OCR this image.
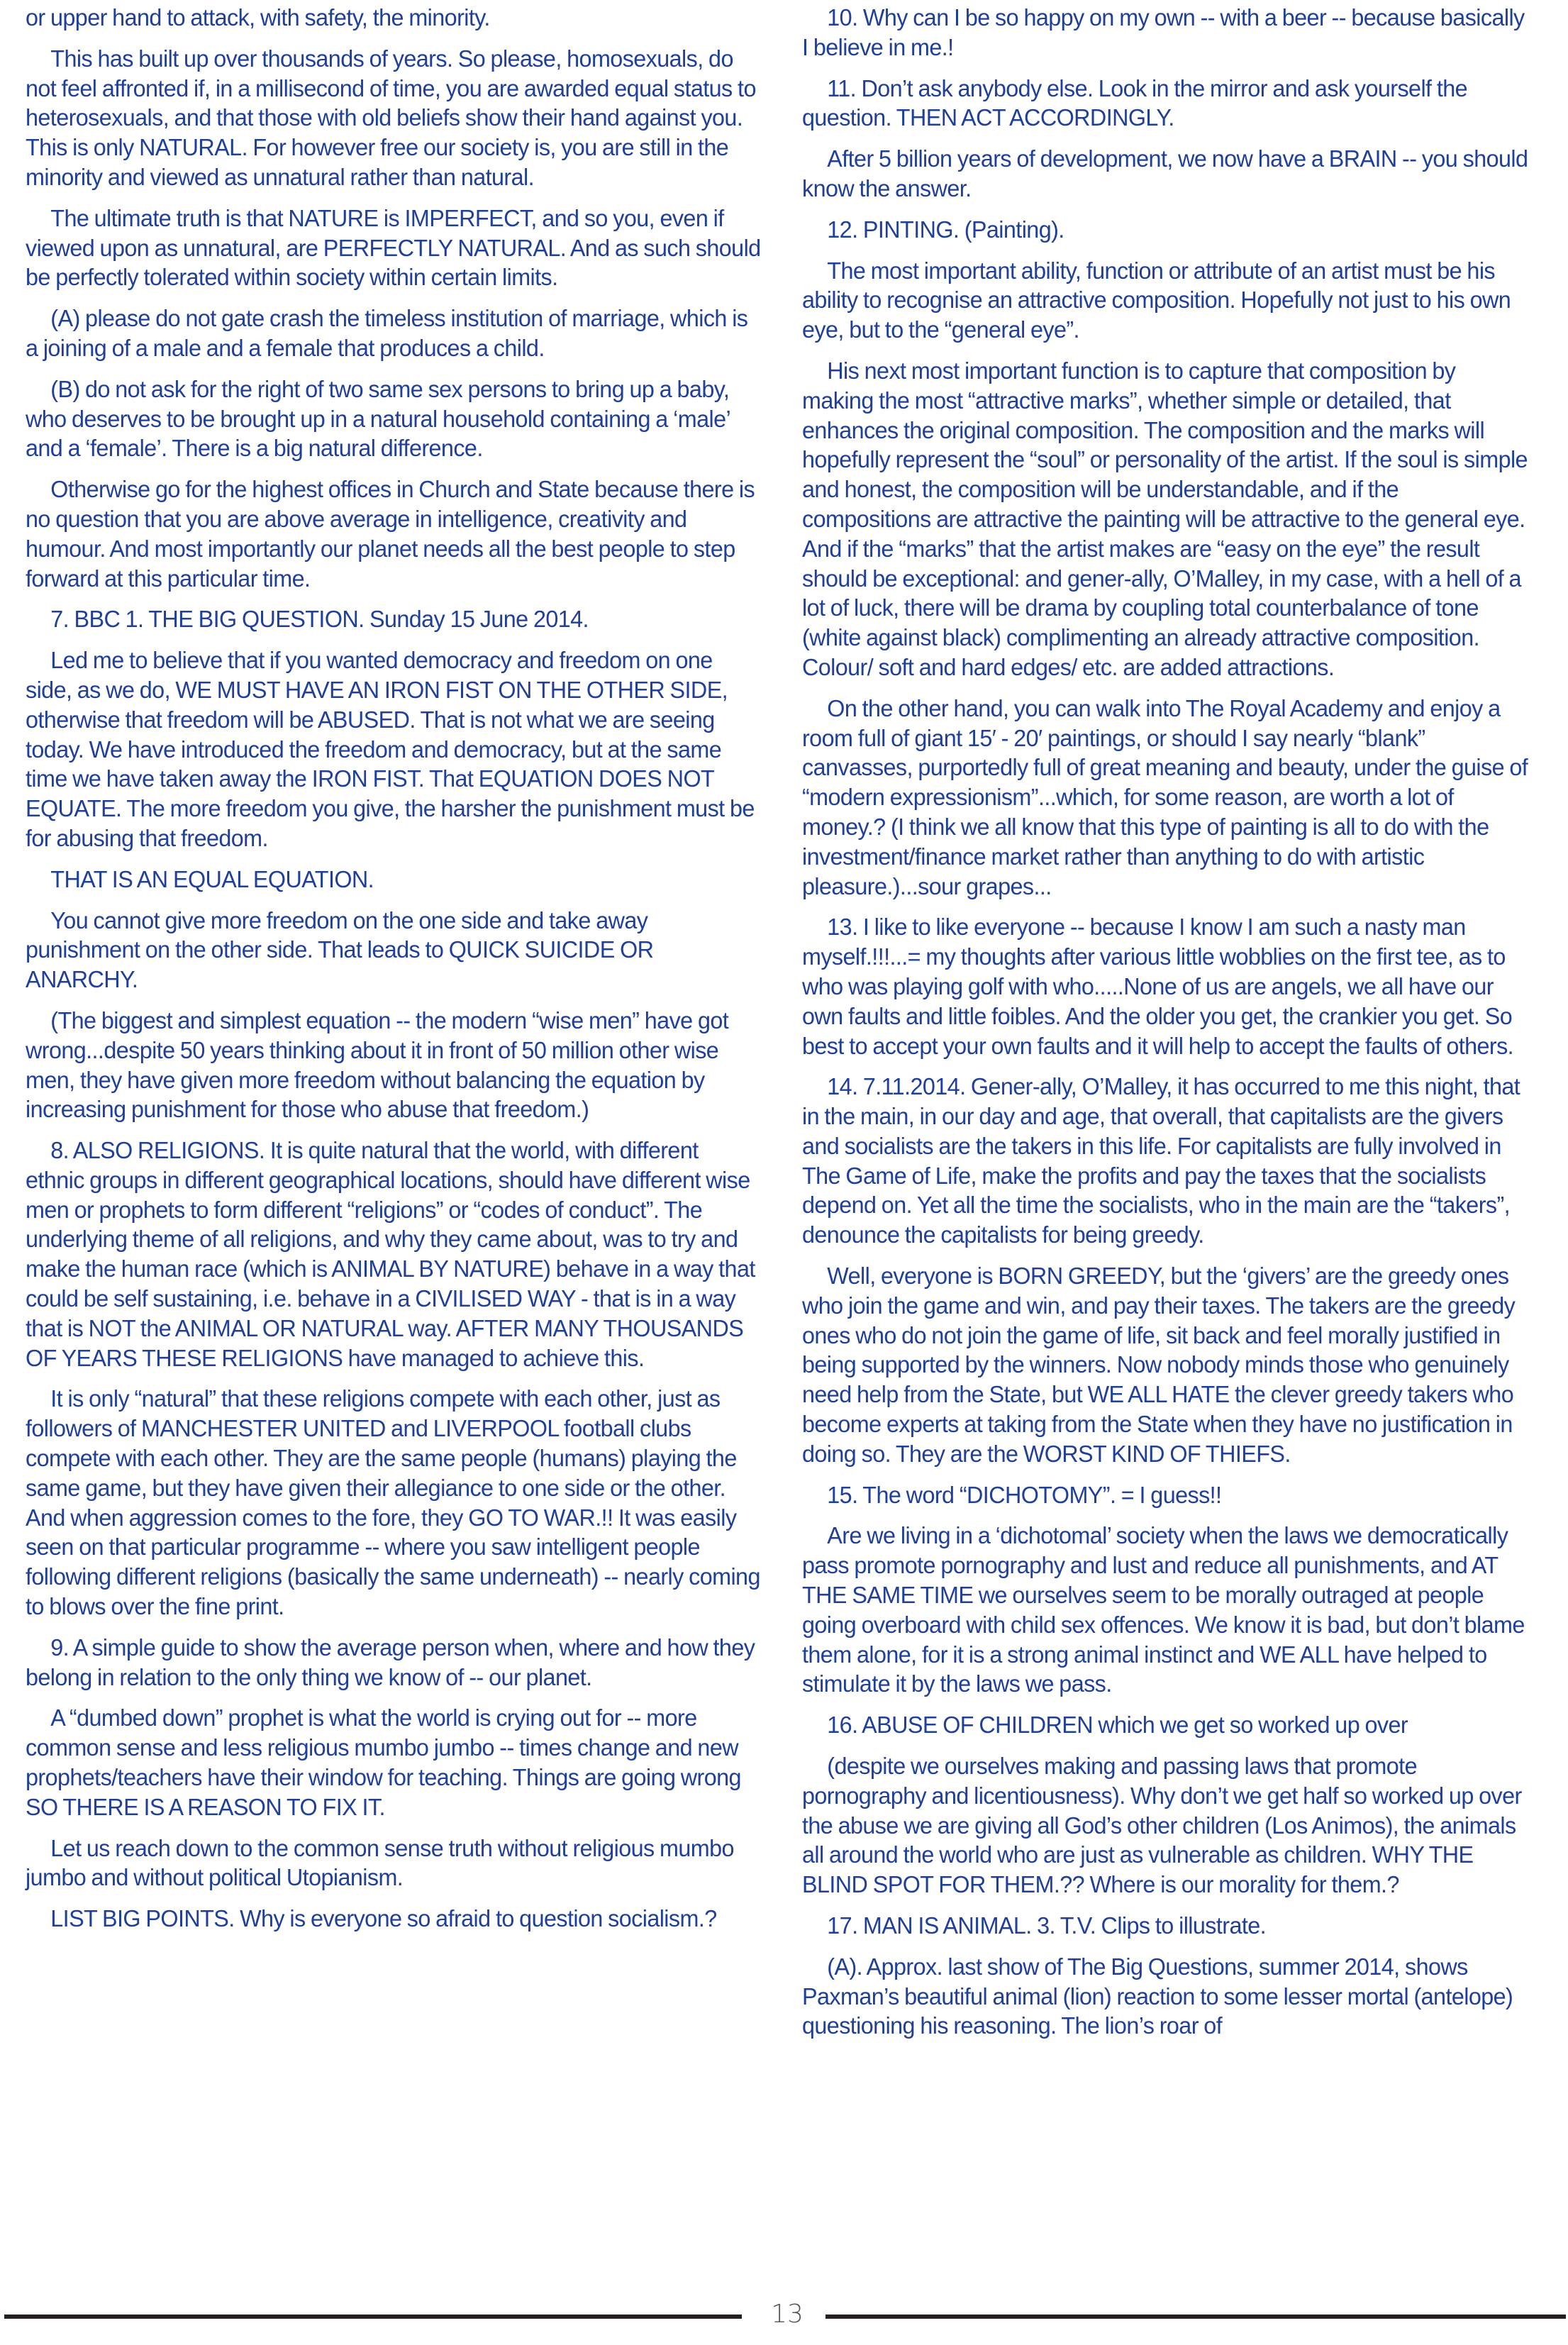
or upper hand to attack, with safety, the minority.

This has built up over thousands of years. So please, homosexuals, do not feel affronted if, in a millisecond of time, you are awarded equal status to heterosexuals, and that those with old beliefs show their hand against you. This is only NATURAL. For however free our society is, you are still in the minority and viewed as unnatural rather than natural.

The ultimate truth is that NATURE is IMPERFECT, and so you, even if viewed upon as unnatural, are PERFECTLY NATURAL. And as such should be perfectly tolerated within society within certain limits.

(A) please do not gate crash the timeless institution of marriage, which is a joining of a male and a female that produces a child.

(B) do not ask for the right of two same sex persons to bring up a baby, who deserves to be brought up in a natural household containing a ‘male’ and a ‘female’. There is a big natural difference.

Otherwise go for the highest offices in Church and State because there is no question that you are above average in intelligence, creativity and humour. And most importantly our planet needs all the best people to step forward at this particular time.

7. BBC 1. THE BIG QUESTION. Sunday 15 June 2014.

Led me to believe that if you wanted democracy and freedom on one side, as we do, WE MUST HAVE AN IRON FIST ON THE OTHER SIDE, otherwise that freedom will be ABUSED. That is not what we are seeing today. We have introduced the freedom and democracy, but at the same time we have taken away the IRON FIST. That EQUATION DOES NOT EQUATE. The more freedom you give, the harsher the punishment must be for abusing that freedom.

THAT IS AN EQUAL EQUATION.

You cannot give more freedom on the one side and take away punishment on the other side. That leads to QUICK SUICIDE OR ANARCHY.

(The biggest and simplest equation -- the modern “wise men” have got wrong...despite 50 years thinking about it in front of 50 million other wise men, they have given more freedom without balancing the equation by increasing punishment for those who abuse that freedom.)

8. ALSO RELIGIONS. It is quite natural that the world, with different ethnic groups in different geographical locations, should have different wise men or prophets to form different “religions” or “codes of conduct”. The underlying theme of all religions, and why they came about, was to try and make the human race (which is ANIMAL BY NATURE) behave in a way that could be self sustaining, i.e. behave in a CIVILISED WAY - that is in a way that is NOT the ANIMAL OR NATURAL way. AFTER MANY THOUSANDS OF YEARS THESE RELIGIONS have managed to achieve this.

It is only “natural” that these religions compete with each other, just as followers of MANCHESTER UNITED and LIVERPOOL football clubs compete with each other. They are the same people (humans) playing the same game, but they have given their allegiance to one side or the other. And when aggression comes to the fore, they GO TO WAR.!! It was easily seen on that particular programme -- where you saw intelligent people following different religions (basically the same underneath) -- nearly coming to blows over the fine print.

9. A simple guide to show the average person when, where and how they belong in relation to the only thing we know of -- our planet.

A “dumbed down” prophet is what the world is crying out for -- more common sense and less religious mumbo jumbo -- times change and new prophets/teachers have their window for teaching. Things are going wrong SO THERE IS A REASON TO FIX IT.

Let us reach down to the common sense truth without religious mumbo jumbo and without political Utopianism.

LIST BIG POINTS. Why is everyone so afraid to question socialism.?

10. Why can I be so happy on my own -- with a beer -- because basically I believe in me.!

11. Don’t ask anybody else. Look in the mirror and ask yourself the question. THEN ACT ACCORDINGLY.

After 5 billion years of development, we now have a BRAIN -- you should know the answer.

12. PINTING. (Painting).

The most important ability, function or attribute of an artist must be his ability to recognise an attractive composition. Hopefully not just to his own eye, but to the “general eye”.

His next most important function is to capture that composition by making the most “attractive marks”, whether simple or detailed, that enhances the original composition. The composition and the marks will hopefully represent the “soul” or personality of the artist. If the soul is simple and honest, the composition will be understandable, and if the compositions are attractive the painting will be attractive to the general eye. And if the “marks” that the artist makes are “easy on the eye” the result should be exceptional: and gener-ally, O’Malley, in my case, with a hell of a lot of luck, there will be drama by coupling total counterbalance of tone (white against black) complimenting an already attractive composition. Colour/ soft and hard edges/ etc. are added attractions.

On the other hand, you can walk into The Royal Academy and enjoy a room full of giant 15′ - 20′ paintings, or should I say nearly “blank” canvasses, purportedly full of great meaning and beauty, under the guise of “modern expressionism”...which, for some reason, are worth a lot of money.? (I think we all know that this type of painting is all to do with the investment/finance market rather than anything to do with artistic pleasure.)...sour grapes...

13. I like to like everyone -- because I know I am such a nasty man myself.!!!...= my thoughts after various little wobblies on the first tee, as to who was playing golf with who.....None of us are angels, we all have our own faults and little foibles. And the older you get, the crankier you get. So best to accept your own faults and it will help to accept the faults of others.

14. 7.11.2014. Gener-ally, O’Malley, it has occurred to me this night, that in the main, in our day and age, that overall, that capitalists are the givers and socialists are the takers in this life. For capitalists are fully involved in The Game of Life, make the profits and pay the taxes that the socialists depend on. Yet all the time the socialists, who in the main are the “takers”, denounce the capitalists for being greedy.

Well, everyone is BORN GREEDY, but the ‘givers’ are the greedy ones who join the game and win, and pay their taxes. The takers are the greedy ones who do not join the game of life, sit back and feel morally justified in being supported by the winners. Now nobody minds those who genuinely need help from the State, but WE ALL HATE the clever greedy takers who become experts at taking from the State when they have no justification in doing so. They are the WORST KIND OF THIEFS.

15. The word “DICHOTOMY”. = I guess!!

Are we living in a ‘dichotomal’ society when the laws we democratically pass promote pornography and lust and reduce all punishments, and AT THE SAME TIME we ourselves seem to be morally outraged at people going overboard with child sex offences. We know it is bad, but don’t blame them alone, for it is a strong animal instinct and WE ALL have helped to stimulate it by the laws we pass.

16. ABUSE OF CHILDREN which we get so worked up over

(despite we ourselves making and passing laws that promote pornography and licentiousness). Why don’t we get half so worked up over the abuse we are giving all God’s other children (Los Animos), the animals all around the world who are just as vulnerable as children. WHY THE BLIND SPOT FOR THEM.?? Where is our morality for them.?

17. MAN IS ANIMAL. 3. T.V. Clips to illustrate.

(A). Approx. last show of The Big Questions, summer 2014, shows Paxman’s beautiful animal (lion) reaction to some lesser mortal (antelope) questioning his reasoning. The lion’s roar of

13
